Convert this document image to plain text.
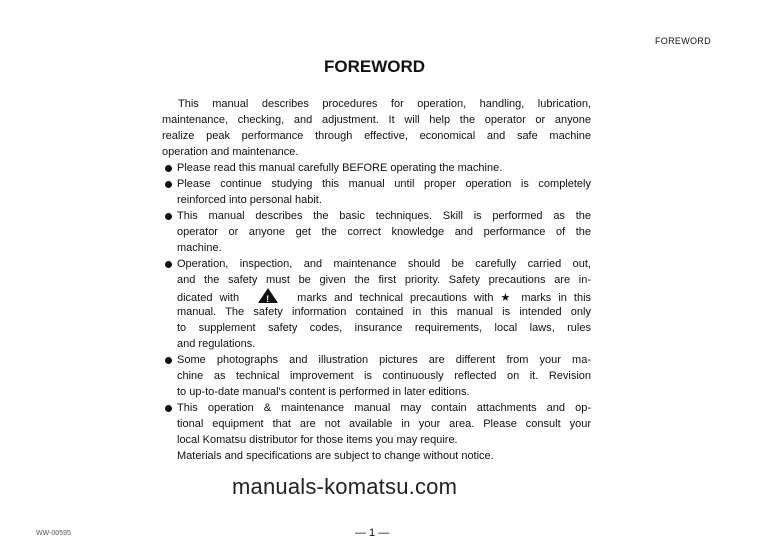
FOREWORD
FOREWORD
This manual describes procedures for operation, handling, lubrication,
maintenance, checking, and adjustment. It will help the operator or anyone
realize peak performance through effective, economical and safe machine
operation and maintenance.
Please read this manual carefully BEFORE operating the machine.
Please continue studying this manual until proper operation is completely
reinforced into personal habit.
This manual describes the basic techniques. Skill is performed as the
operator or anyone get the correct knowledge and performance of the
machine.
Operation, inspection, and maintenance should be carefully carried out,
and the safety must be given the first priority. Safety precautions are in-
dicated with !	marks and technical precautions with ★ marks in this
manual. The safety information contained in this manual is intended only
to supplement safety codes, insurance requirements, local laws, rules
and regulations.
Some photographs and illustration pictures are different from your ma-
chine as technical improvement is continuously reflected on it. Revision
to up-to-date manual's content is performed in later editions.
This operation & maintenance manual may contain attachments and op-
tional equipment that are not available in your area. Please consult your
local Komatsu distributor for those items you may require.
Materials and specifications are subject to change without notice.
manuals-komatsu.com
WW-00595	— 1 —
